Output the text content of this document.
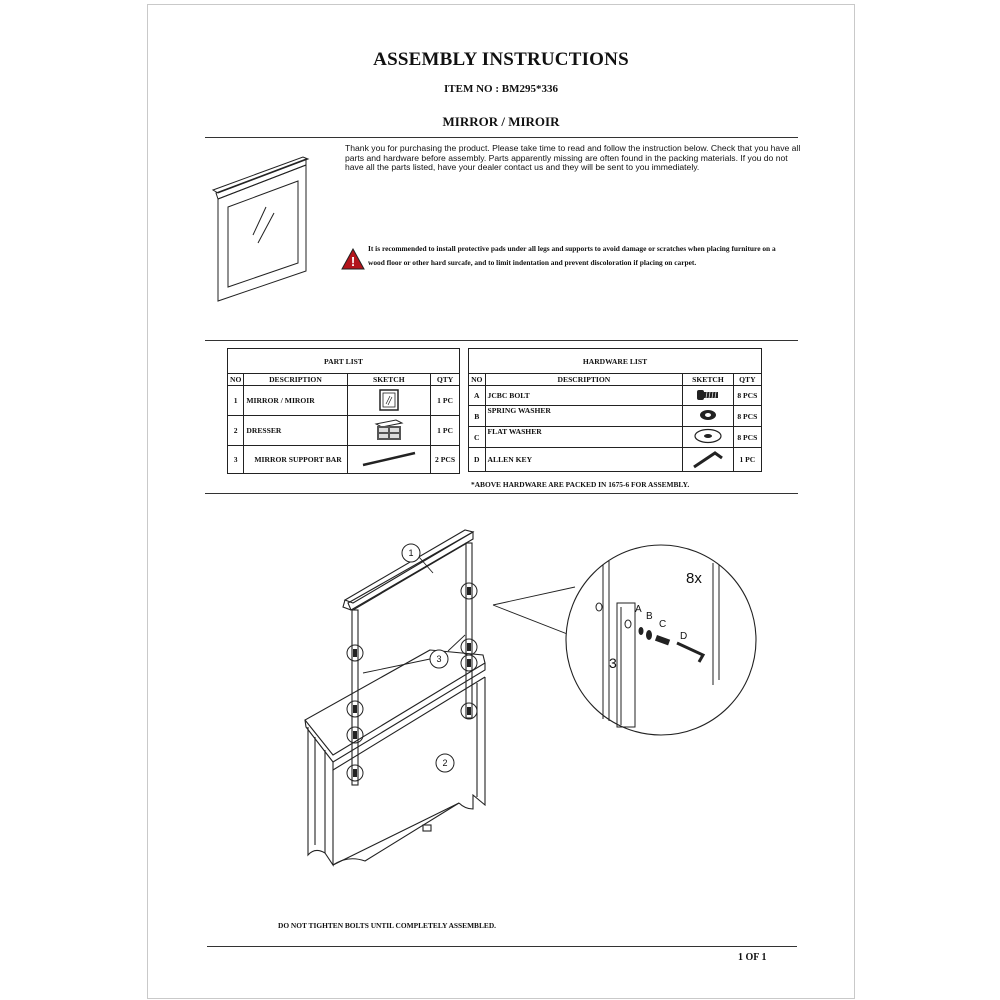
ASSEMBLY INSTRUCTIONS
ITEM NO : BM295*336
MIRROR / MIROIR
Thank you for purchasing the product. Please take time to read and follow the instruction below. Check that you have all parts and hardware before assembly. Parts apparently missing are often found in the packing materials. If you do not have all the parts listed, have your dealer contact us and they will be sent to you immediately.
!
It is recommended to install protective pads under all legs and supports to avoid damage or scratches when placing furniture on a wood floor or other hard surcafe, and to limit indentation and prevent discoloration if placing on carpet.
PART LIST			
NO	DESCRIPTION	SKETCH	QTY
1	MIRROR / MIROIR		1 PC
2	DRESSER		1 PC
3	MIRROR SUPPORT BAR		2 PCS
HARDWARE LIST			
NO	DESCRIPTION	SKETCH	QTY
A	JCBC BOLT		8 PCS
B	SPRING WASHER		8 PCS
C	FLAT WASHER		8 PCS
D	ALLEN KEY		1 PC
*ABOVE HARDWARE ARE PACKED IN 1675-6 FOR ASSEMBLY.
1
3
2
8x
A
B
C
D
3
DO NOT TIGHTEN BOLTS UNTIL COMPLETELY ASSEMBLED.
1 OF 1
